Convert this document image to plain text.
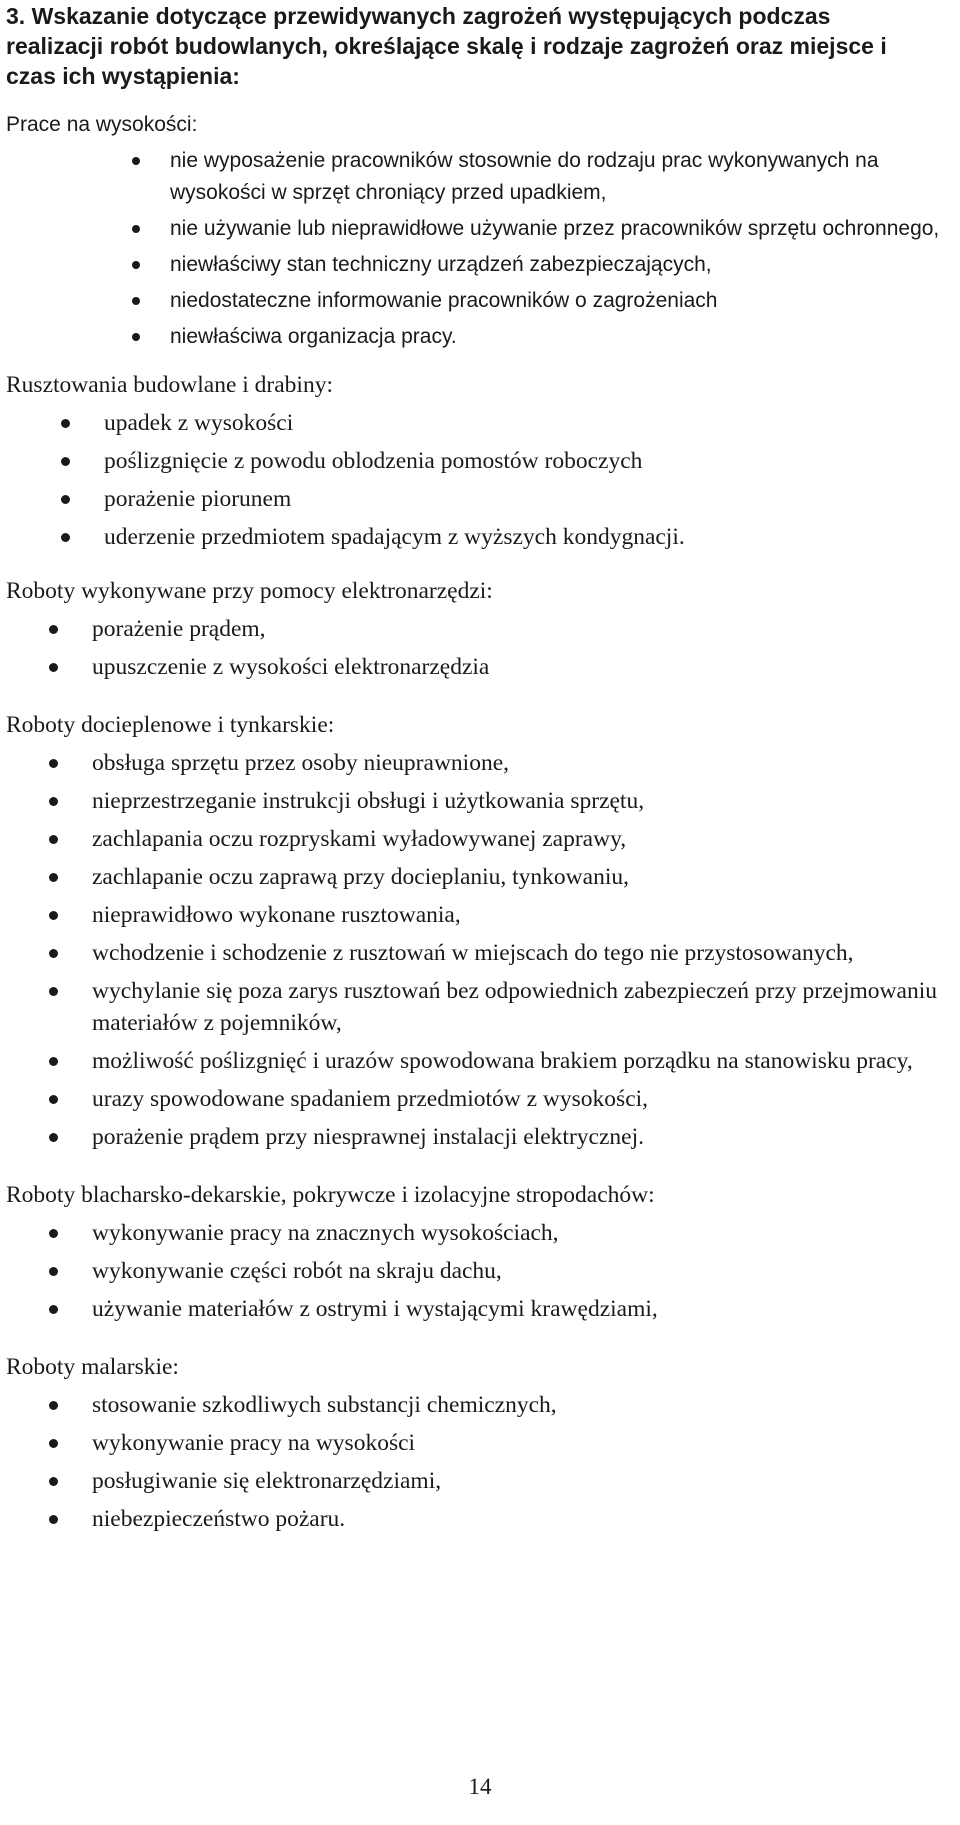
3. Wskazanie dotyczące przewidywanych zagrożeń występujących podczas realizacji robót budowlanych, określające skalę i rodzaje zagrożeń oraz miejsce i czas ich wystąpienia:
Prace na wysokości:
nie wyposażenie pracowników stosownie do rodzaju prac wykonywanych na wysokości w sprzęt chroniący przed upadkiem,
nie używanie lub nieprawidłowe używanie przez pracowników sprzętu ochronnego,
niewłaściwy stan techniczny urządzeń zabezpieczających,
niedostateczne informowanie pracowników o zagrożeniach
niewłaściwa organizacja pracy.
Rusztowania budowlane i drabiny:
upadek z wysokości
poślizgnięcie z powodu oblodzenia pomostów roboczych
porażenie piorunem
uderzenie przedmiotem spadającym z wyższych kondygnacji.
Roboty wykonywane przy pomocy elektronarzędzi:
porażenie prądem,
upuszczenie z wysokości elektronarzędzia
Roboty docieplenowe i tynkarskie:
obsługa sprzętu przez osoby nieuprawnione,
nieprzestrzeganie instrukcji obsługi i użytkowania sprzętu,
zachlapania oczu rozpryskami wyładowywanej zaprawy,
zachlapanie oczu zaprawą przy docieplaniu, tynkowaniu,
nieprawidłowo wykonane rusztowania,
wchodzenie i schodzenie z rusztowań w miejscach do tego nie przystosowanych,
wychylanie się poza zarys rusztowań bez odpowiednich zabezpieczeń przy przejmowaniu materiałów z pojemników,
możliwość poślizgnięć i urazów spowodowana brakiem porządku na stanowisku pracy,
urazy spowodowane spadaniem przedmiotów z wysokości,
porażenie prądem przy niesprawnej instalacji elektrycznej.
Roboty blacharsko-dekarskie, pokrywcze i izolacyjne stropodachów:
wykonywanie pracy na znacznych wysokościach,
wykonywanie części robót na skraju dachu,
używanie materiałów z ostrymi i wystającymi krawędziami,
Roboty malarskie:
stosowanie szkodliwych substancji chemicznych,
wykonywanie pracy na wysokości
posługiwanie się elektronarzędziami,
niebezpieczeństwo pożaru.
14
